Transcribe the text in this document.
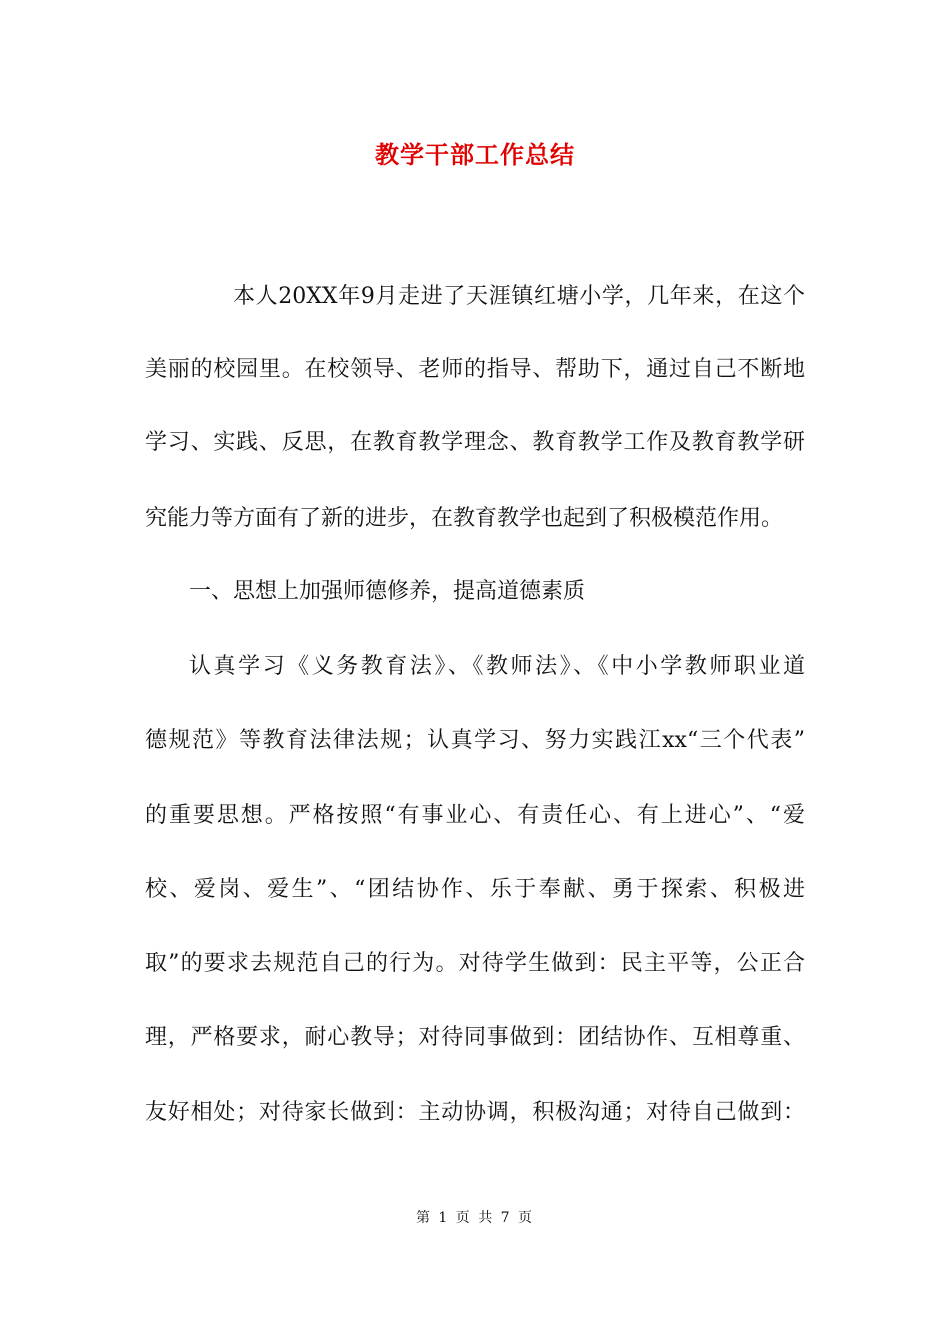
教学干部工作总结
本人20XX年9月走进了天涯镇红塘小学，几年来，在这个
美丽的校园里。在校领导、老师的指导、帮助下，通过自己不断地
学习、实践、反思，在教育教学理念、教育教学工作及教育教学研
究能力等方面有了新的进步，在教育教学也起到了积极模范作用。
一、思想上加强师德修养，提高道德素质
认真学习《义务教育法》、《教师法》、《中小学教师职业道
德规范》等教育法律法规；认真学习、努力实践江xx“三个代表”
的重要思想。严格按照“有事业心、有责任心、有上进心”、“爱
校、爱岗、爱生”、“团结协作、乐于奉献、勇于探索、积极进
取”的要求去规范自己的行为。对待学生做到：民主平等，公正合
理，严格要求，耐心教导；对待同事做到：团结协作、互相尊重、
友好相处；对待家长做到：主动协调，积极沟通；对待自己做到：
第 1 页 共 7 页
